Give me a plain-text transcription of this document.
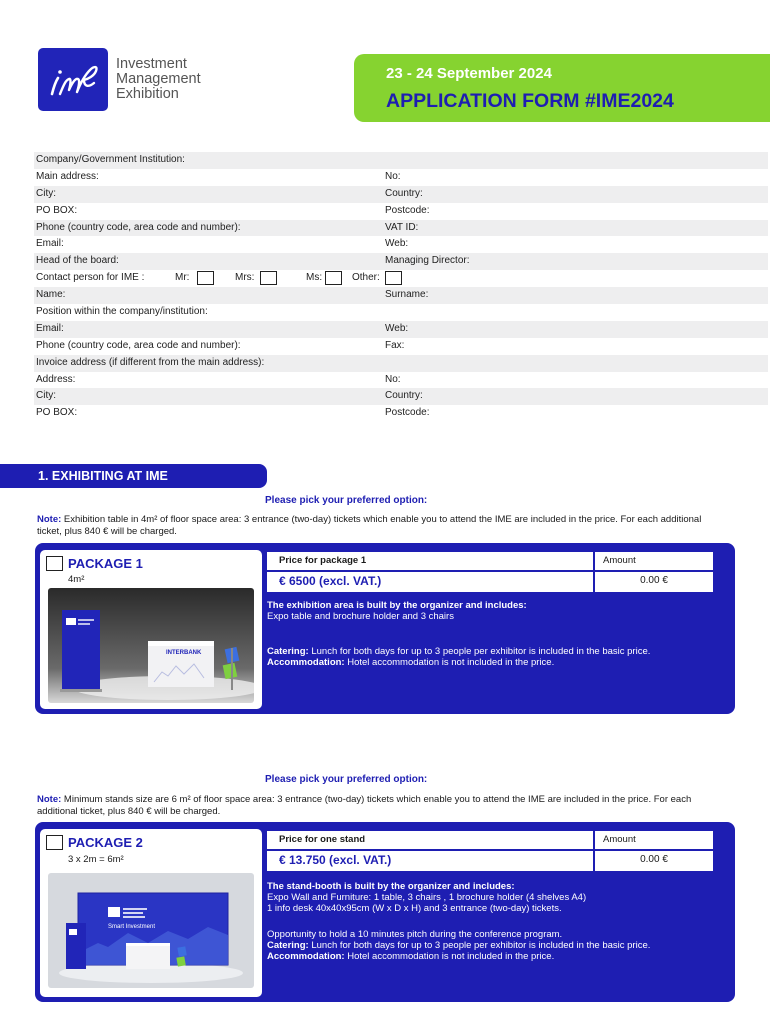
Investment
Management
Exhibition
23 - 24 September 2024
APPLICATION FORM #IME2024
Company/Government Institution:
Main address:	No:
City:	Country:
PO BOX:	Postcode:
Phone (country code, area code and number):	VAT ID:
Email:	Web:
Head of the board:	Managing Director:
Contact person for IME :	Mr:	Mrs:	Ms:	Other:
Name:	Surname:
Position within the company/institution:
Email:	Web:
Phone (country code, area code and number):	Fax:
Invoice address (if different from the main address):
Address:	No:
City:	Country:
PO BOX:	Postcode:
1. EXHIBITING AT IME
Please pick your preferred option:
Note: Exhibition table in 4m² of floor space area: 3 entrance (two-day) tickets which enable you to attend the IME are included in the price. For each additional ticket, plus 840 € will be charged.
PACKAGE 1
4m²
INTERBANK
Price for package 1	Amount
€ 6500 (excl. VAT.)	0.00 €
The exhibition area is built by the organizer and includes:
Expo table and brochure holder and 3 chairs
Catering: Lunch for both days for up to 3 people per exhibitor is included in the basic price.
Accommodation: Hotel accommodation is not included in the price.
Please pick your preferred option:
Note: Minimum stands size are 6 m² of floor space area: 3 entrance (two-day) tickets which enable you to attend the IME are included in the price. For each additional ticket, plus 840 € will be charged.
PACKAGE 2
3 x 2m = 6m²
Smart Investment
Price for one stand	Amount
€ 13.750 (excl. VAT.)	0.00 €
The stand-booth is built by the organizer and includes:
Expo Wall and Furniture: 1 table, 3 chairs , 1 brochure holder (4 shelves A4)
1 info desk 40x40x95cm (W x D x H) and 3 entrance (two-day) tickets.
Opportunity to hold a 10 minutes pitch during the conference program.
Catering: Lunch for both days for up to 3 people per exhibitor is included in the basic price.
Accommodation: Hotel accommodation is not included in the price.
